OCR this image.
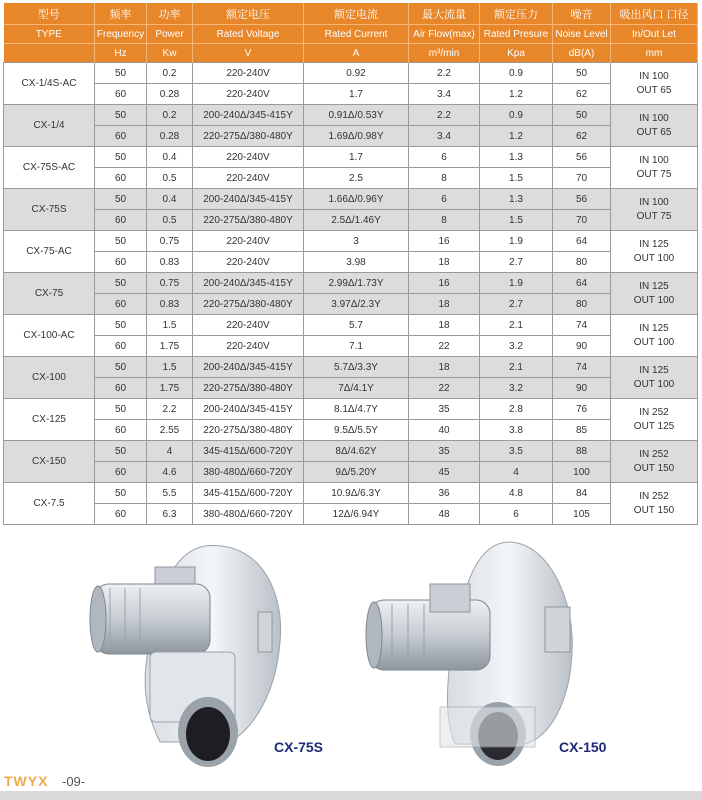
型号	频率	功率	额定电压	额定电流	最大流量	额定压力	噪音	吸出风口 口径
TYPE	Frequency	Power	Rated Voltage	Rated Current	Air Flow(max)	Rated Presure	Noise Level	In/Out Let
	Hz	Kw	V	A	m³/min	Kpa	dB(A)	mm
CX-1/4S-AC	50	0.2	220-240V	0.92	2.2	0.9	50	IN 100
OUT 65

	60	0.28	220-240V	1.7	3.4	1.2	62	
CX-1/4	50	0.2	200-240Δ/345-415Y	0.91Δ/0.53Y	2.2	0.9	50	IN 100
OUT 65

	60	0.28	220-275Δ/380-480Y	1.69Δ/0.98Y	3.4	1.2	62	
CX-75S-AC	50	0.4	220-240V	1.7	6	1.3	56	IN 100
OUT 75

	60	0.5	220-240V	2.5	8	1.5	70	
CX-75S	50	0.4	200-240Δ/345-415Y	1.66Δ/0.96Y	6	1.3	56	IN 100
OUT 75

	60	0.5	220-275Δ/380-480Y	2.5Δ/1.46Y	8	1.5	70	
CX-75-AC	50	0.75	220-240V	3	16	1.9	64	IN 125
OUT 100

	60	0.83	220-240V	3.98	18	2.7	80	
CX-75	50	0.75	200-240Δ/345-415Y	2.99Δ/1.73Y	16	1.9	64	IN 125
OUT 100

	60	0.83	220-275Δ/380-480Y	3.97Δ/2.3Y	18	2.7	80	
CX-100-AC	50	1.5	220-240V	5.7	18	2.1	74	IN 125
OUT 100

	60	1.75	220-240V	7.1	22	3.2	90	
CX-100	50	1.5	200-240Δ/345-415Y	5.7Δ/3.3Y	18	2.1	74	IN 125
OUT 100

	60	1.75	220-275Δ/380-480Y	7Δ/4.1Y	22	3.2	90	
CX-125	50	2.2	200-240Δ/345-415Y	8.1Δ/4.7Y	35	2.8	76	IN 252
OUT 125

	60	2.55	220-275Δ/380-480Y	9.5Δ/5.5Y	40	3.8	85	
CX-150	50	4	345-415Δ/600-720Y	8Δ/4.62Y	35	3.5	88	IN 252
OUT 150

	60	4.6	380-480Δ/660-720Y	9Δ/5.20Y	45	4	100	
CX-7.5	50	5.5	345-415Δ/600-720Y	10.9Δ/6.3Y	36	4.8	84	IN 252
OUT 150

	60	6.3	380-480Δ/660-720Y	12Δ/6.94Y	48	6	105	
CX-75S	CX-150
TWYX -09-
